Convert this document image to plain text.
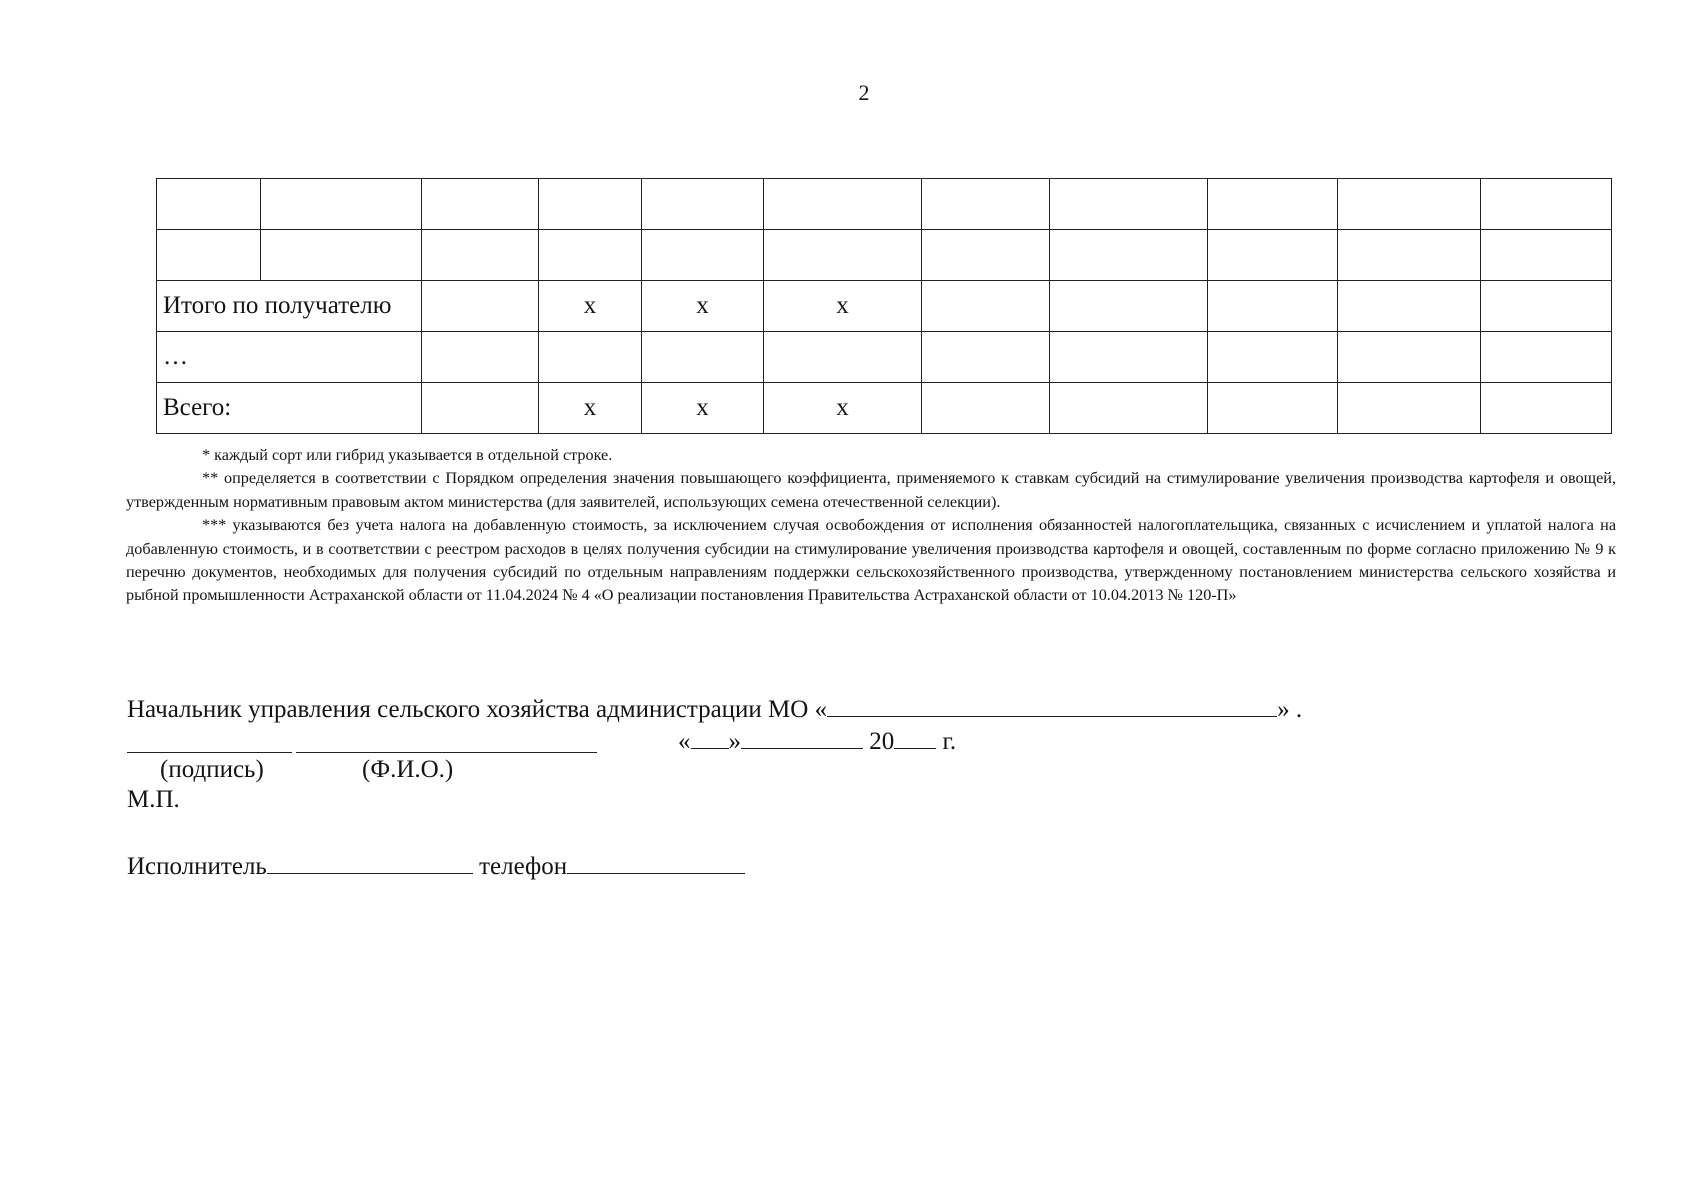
2

Итого по получателю			x	x	x					
…										
Всего:			x	x	x					

* каждый сорт или гибрид указывается в отдельной строке.

** определяется в соответствии с Порядком определения значения повышающего коэффициента, применяемого к ставкам субсидий на стимулирование увеличения производства картофеля и овощей, утвержденным нормативным правовым актом министерства (для заявителей, использующих семена отечественной селекции).

*** указываются без учета налога на добавленную стоимость, за исключением случая освобождения от исполнения обязанностей налогоплательщика, связанных с исчислением и уплатой налога на добавленную стоимость, и в соответствии с реестром расходов в целях получения субсидии на стимулирование увеличения производства картофеля и овощей, составленным по форме согласно приложению № 9 к перечню документов, необходимых для получения субсидий по отдельным направлениям поддержки сельскохозяйственного производства, утвержденному постановлением министерства сельского хозяйства и рыбной промышленности Астраханской области от 11.04.2024 № 4 «О реализации постановления Правительства Астраханской области от 10.04.2013 № 120-П»

Начальник управления сельского хозяйства администрации МО «	» .
« »	20 г.
(подпись)	(Ф.И.О.)
М.П.
Исполнитель	телефон
